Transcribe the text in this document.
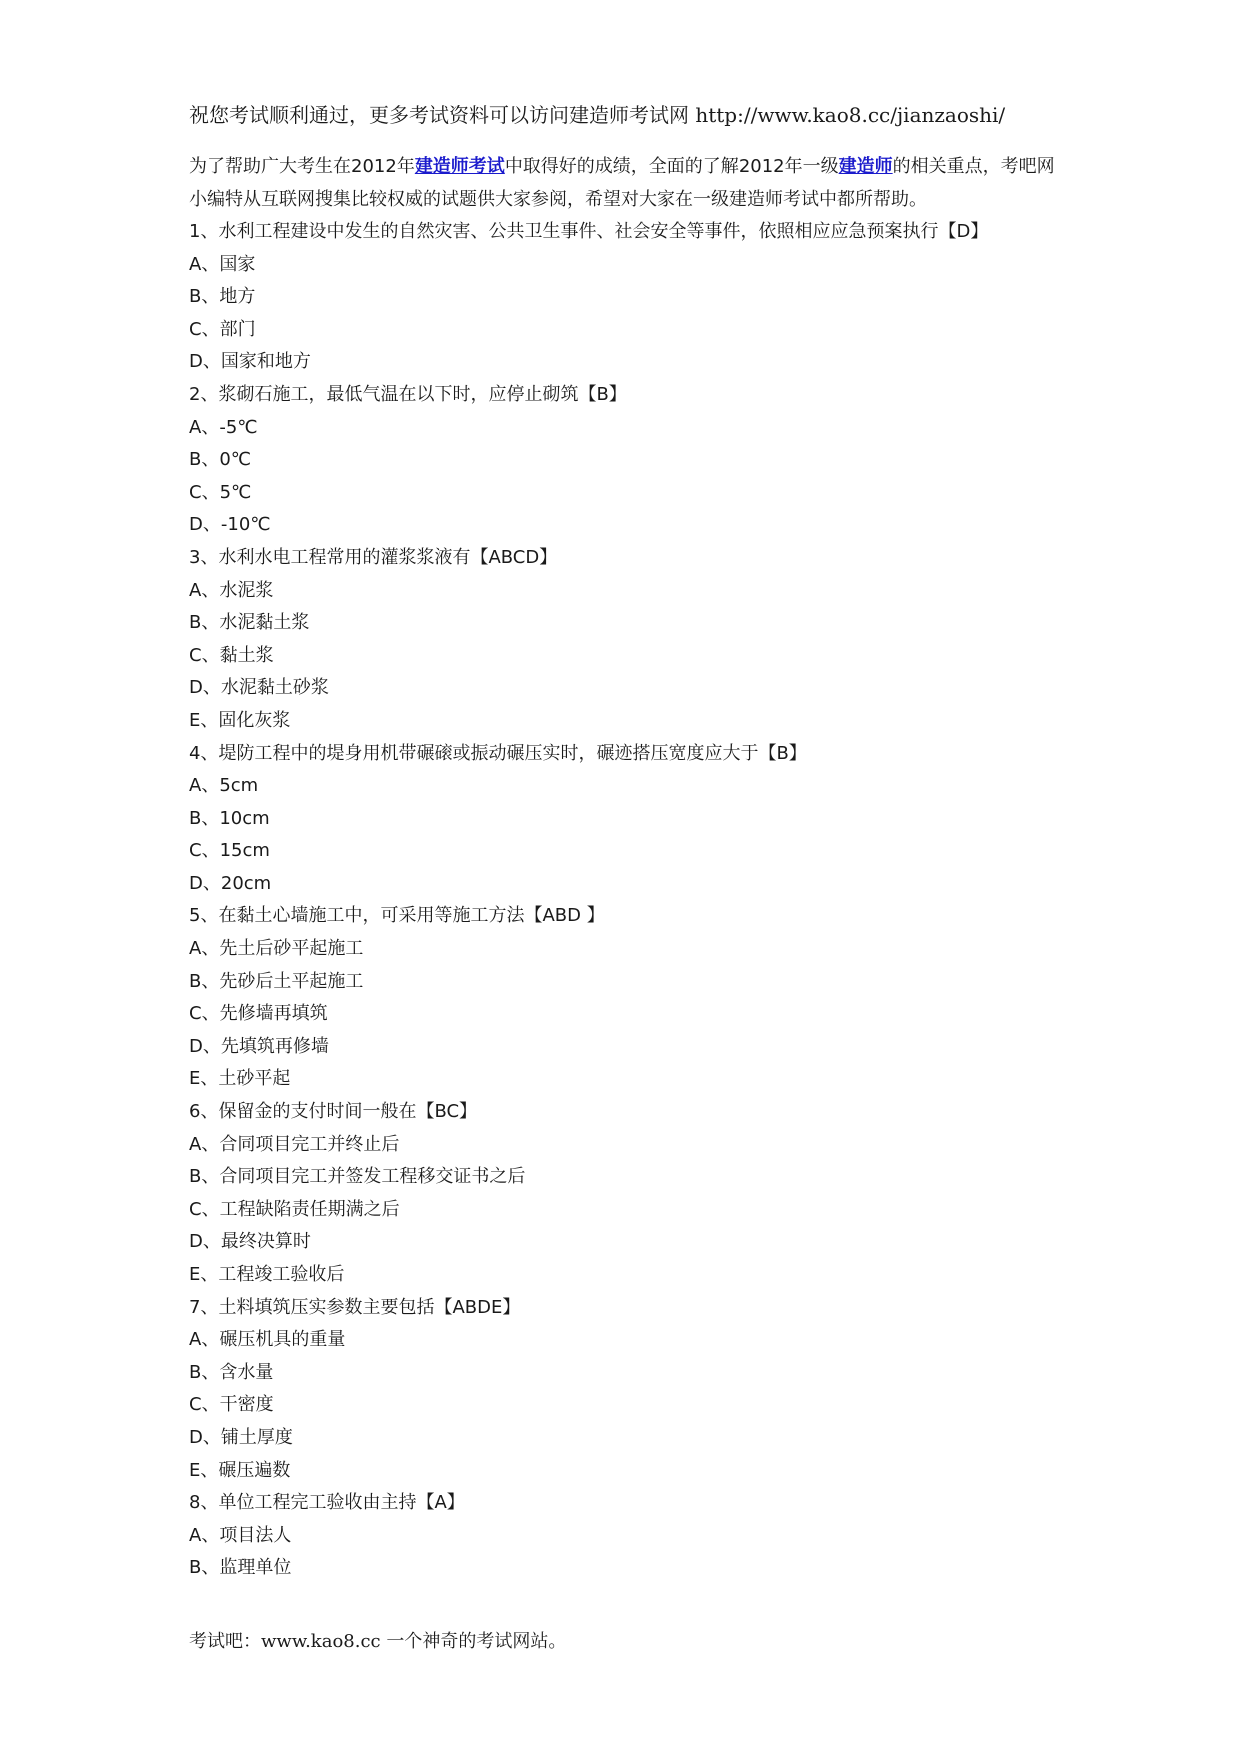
祝您考试顺利通过，更多考试资料可以访问建造师考试网 http://www.kao8.cc/jianzaoshi/
为了帮助广大考生在2012年建造师考试中取得好的成绩，全面的了解2012年一级建造师的相关重点，考吧网小编特从互联网搜集比较权威的试题供大家参阅，希望对大家在一级建造师考试中都所帮助。
1、水利工程建设中发生的自然灾害、公共卫生事件、社会安全等事件，依照相应应急预案执行【D】
A、国家
B、地方
C、部门
D、国家和地方
2、浆砌石施工，最低气温在以下时，应停止砌筑【B】
A、-5℃
B、0℃
C、5℃
D、-10℃
3、水利水电工程常用的灌浆浆液有【ABCD】
A、水泥浆
B、水泥黏土浆
C、黏土浆
D、水泥黏土砂浆
E、固化灰浆
4、堤防工程中的堤身用机带碾磙或振动碾压实时，碾迹搭压宽度应大于【B】
A、5cm
B、10cm
C、15cm
D、20cm
5、在黏土心墙施工中，可采用等施工方法【ABD 】
A、先土后砂平起施工
B、先砂后土平起施工
C、先修墙再填筑
D、先填筑再修墙
E、土砂平起
6、保留金的支付时间一般在【BC】
A、合同项目完工并终止后
B、合同项目完工并签发工程移交证书之后
C、工程缺陷责任期满之后
D、最终决算时
E、工程竣工验收后
7、土料填筑压实参数主要包括【ABDE】
A、碾压机具的重量
B、含水量
C、干密度
D、铺土厚度
E、碾压遍数
8、单位工程完工验收由主持【A】
A、项目法人
B、监理单位
考试吧：www.kao8.cc 一个神奇的考试网站。
